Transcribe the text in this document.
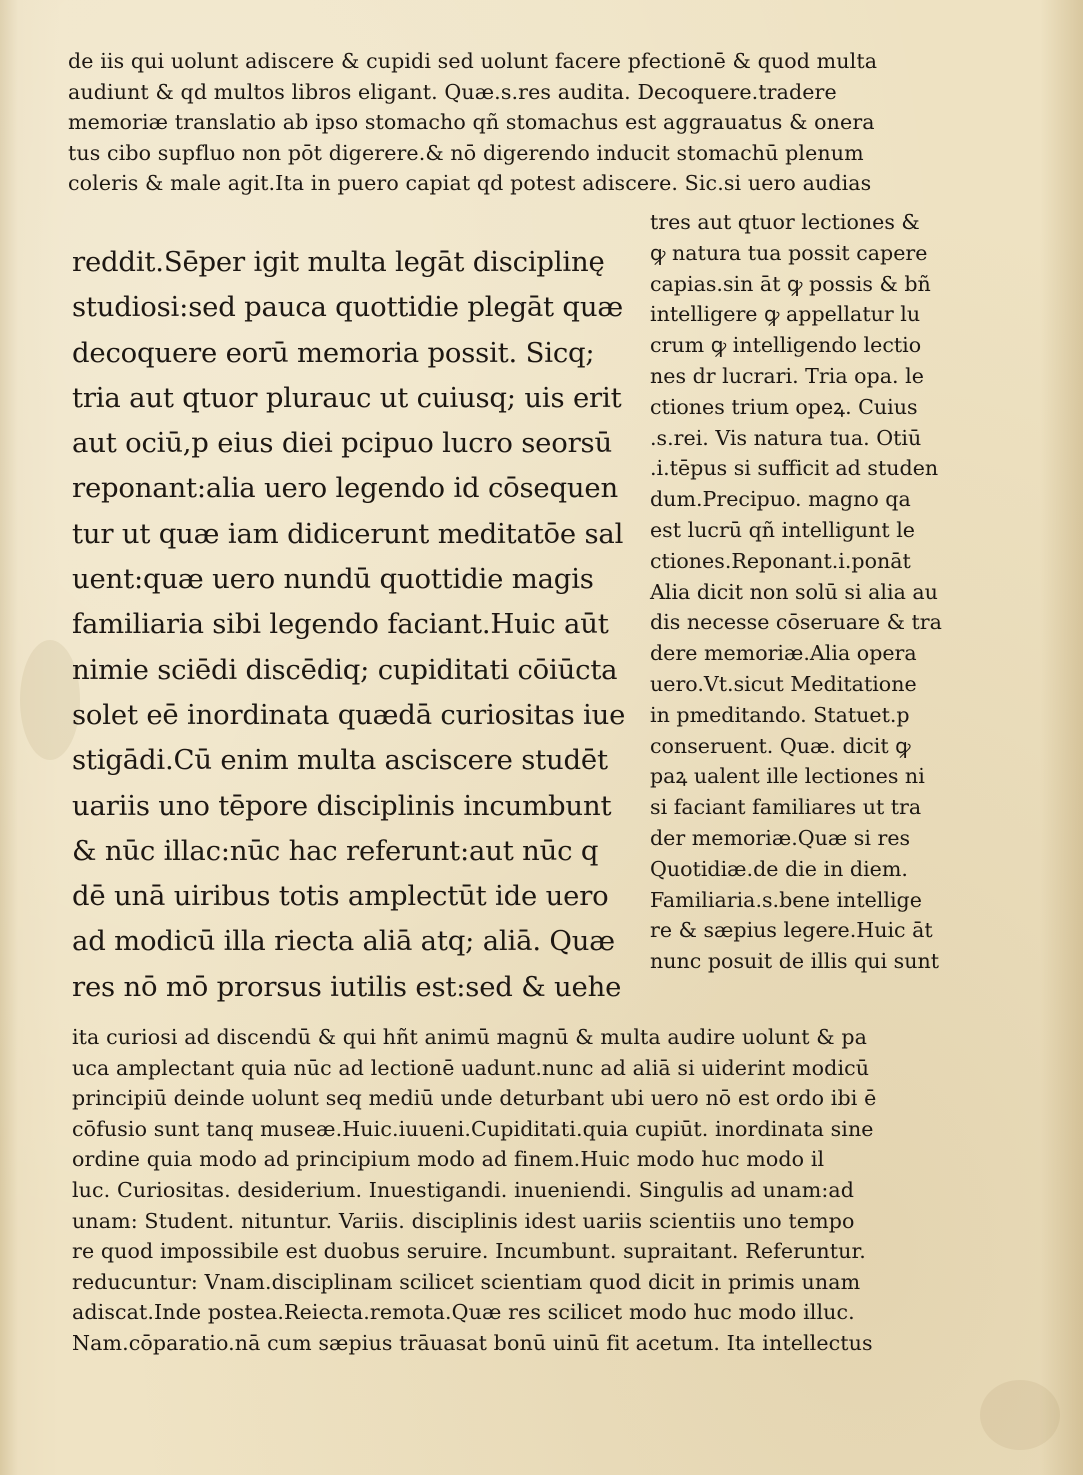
de iis qui uolunt adiscere & cupidi sed uolunt facere pfectionē & quod multa
audiunt & qd multos libros eligant. Quæ.s.res audita. Decoquere.tradere
memoriæ translatio ab ipso stomacho qñ stomachus est aggrauatus & onera
tus cibo supfluo non pōt digerere.& nō digerendo inducit stomachū plenum
coleris & male agit.Ita in puero capiat qd potest adiscere. Sic.si uero audias
tres aut qtuor lectiones &
ꝙ natura tua possit capere
capias.sin āt ꝙ possis & bñ
intelligere ꝙ appellatur lu
crum ꝙ intelligendo lectio
nes dr lucrari. Tria opa. le
ctiones trium opeꝝ. Cuius
.s.rei. Vis natura tua. Otiū
.i.tēpus si sufficit ad studen
dum.Precipuo. magno qa
est lucrū qñ intelligunt le
ctiones.Reponant.i.ponāt
Alia dicit non solū si alia au
dis necesse cōseruare & tra
dere memoriæ.Alia opera
uero.Vt.sicut Meditatione
in pmeditando. Statuet.p
conseruent. Quæ. dicit ꝙ
paꝝ ualent ille lectiones ni
si faciant familiares ut tra
der memoriæ.Quæ si res
Quotidiæ.de die in diem.
Familiaria.s.bene intellige
re & sæpius legere.Huic āt
nunc posuit de illis qui sunt
reddit.Sēper igit multa legāt disciplinę
studiosi:sed pauca quottidie plegāt quæ
decoquere eorū memoria possit. Sicq;
tria aut qtuor plurauc ut cuiusq; uis erit
aut ociū,p eius diei pcipuo lucro seorsū
reponant:alia uero legendo id cōsequen
tur ut quæ iam didicerunt meditatōe sal
uent:quæ uero nundū quottidie magis
familiaria sibi legendo faciant.Huic aūt
nimie sciēdi discēdiq; cupiditati cōiūcta
solet eē inordinata quædā curiositas iue
stigādi.Cū enim multa asciscere studēt
uariis uno tēpore disciplinis incumbunt
& nūc illac:nūc hac referunt:aut nūc q
dē unā uiribus totis amplectūt ide uero
ad modicū illa riecta aliā atq; aliā. Quæ
res nō mō prorsus iutilis est:sed & uehe
ita curiosi ad discendū & qui hñt animū magnū & multa audire uolunt & pa
uca amplectant quia nūc ad lectionē uadunt.nunc ad aliā si uiderint modicū
principiū deinde uolunt seq mediū unde deturbant ubi uero nō est ordo ibi ē
cōfusio sunt tanq museæ.Huic.iuueni.Cupiditati.quia cupiūt. inordinata sine
ordine quia modo ad principium modo ad finem.Huic modo huc modo il
luc. Curiositas. desiderium. Inuestigandi. inueniendi. Singulis ad unam:ad
unam: Student. nituntur. Variis. disciplinis idest uariis scientiis uno tempo
re quod impossibile est duobus seruire. Incumbunt. supraitant. Referuntur.
reducuntur: Vnam.disciplinam scilicet scientiam quod dicit in primis unam
adiscat.Inde postea.Reiecta.remota.Quæ res scilicet modo huc modo illuc.
Nam.cōparatio.nā cum sæpius trāuasat bonū uinū fit acetum. Ita intellectus
